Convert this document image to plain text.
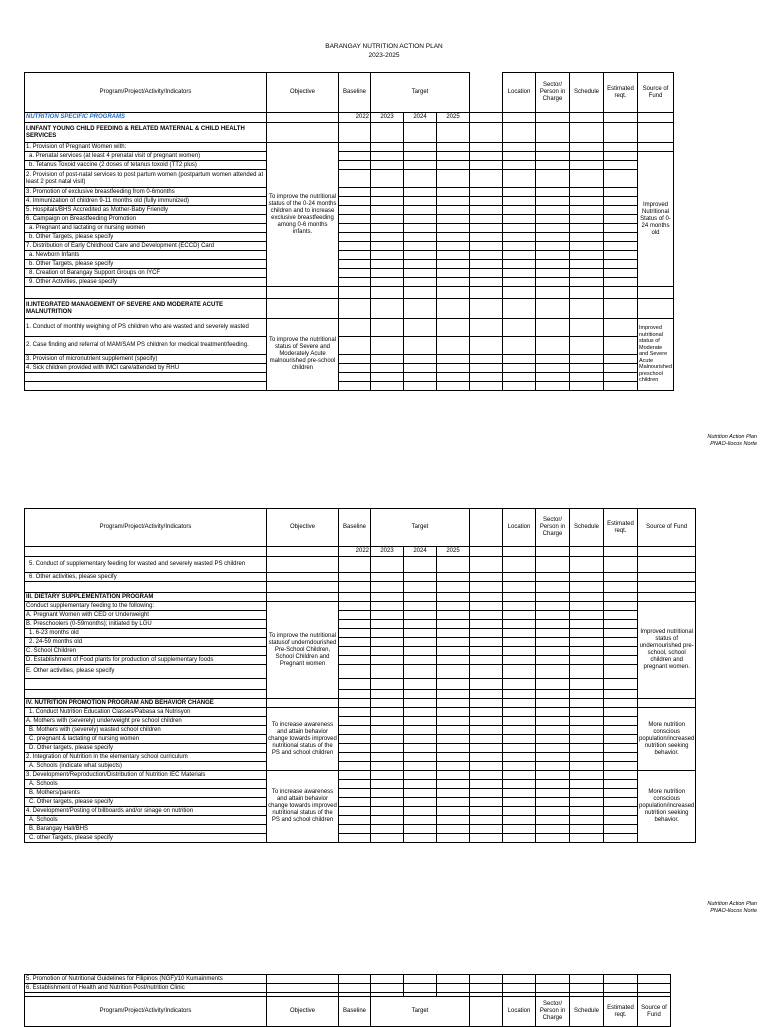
BARANGAY NUTRITION ACTION PLAN
2023-2025
Program/Project/Activity/Indicators	Objective	Baseline	Target				Location	Sector/ Person in Charge	Schedule	Estimated reqt.	Source of Fund
NUTRITION SPECIFIC PROGRAMS		2022	2023	2024	2025						
I.INFANT YOUNG CHILD FEEDING & RELATED MATERNAL & CHILD HEALTH SERVICES											
1. Provision of Pregnant Women with:	To improve the nutritional status of the 0-24 months children and to increase exclusive breastfeeding among 0-6 months infants.										
a. Prenatal services (at least 4 prenatal visit of pregnant women)											Improved Nutritional Status of 0-24 months old
b. Tetanus Toxoid vaccine (2 doses of tetanus toxoid (TT2 plus)											
2. Provision of post-natal services to post partum women (postpartum women attended at least 2 post natal visit)											
3. Promotion of exclusive breastfeeding from 0-6months											
4. Immunization of children 9-11 months old (fully immunized)											
5. Hospitals/BHS Accredited as Mother-Baby Friendly											
6. Campaign on Breastfeeding Promotion											
a. Pregnant and lactating or nursing women											
b. Other Targets, please specify											
7. Distribution of Early Childhood Care and Development (ECCD) Card											
a. Newborn Infants											
b. Other Targets, please specify											
8. Creation of Barangay Support Groups on IYCF											
9. Other Activities, please specify											

II.INTEGRATED MANAGEMENT OF SEVERE AND MODERATE ACUTE MALNUTRITION											
1. Conduct of monthly weighing of PS children who are wasted and severely wasted	To improve the nutritional status of Severe and Moderately Acute malnourished pre-school children										Improved nutritional status of Moderate and Severe Acute Malnourished preschool children
2. Case finding and referral of MAM/SAM PS children for medical treatment/feeding.											
3. Provision of micronutrient supplement (specify)											
4. Sick children provided with IMCI care/attended by RHU											

Nutrition Action Plan
PNAO-Ilocos Norte
Program/Project/Activity/Indicators	Objective	Baseline	Target				Location	Sector/ Person in Charge	Schedule	Estimated reqt.	Source of Fund
		2022	2023	2024	2025						
5. Conduct of supplementary feeding for wasted and severely wasted PS children											
6. Other activities, please specify											

III. DIETARY SUPPLEMENTATION PROGRAM											
Conduct supplementary feeding to the following:	To improve the nutritional statusof underndourished Pre-School Children, School Children and Pregnant women										Improved nutritional status of undernourished pre-school, school children and pregnant women.
A. Pregnant Women with CED or Underweight											
B. Preschoolers (0-59months); initiated by LGU											
1. 6-23 months old											
2. 24-59 months old											
C. School Children											
D. Establishment of Food plants for production of supplementary foods											
E. Other activities, please specify											

IV. NUTRITION PROMOTION PROGRAM AND BEHAVIOR CHANGE											
1. Conduct Nutrition Education Classes/Pabasa sa Nutrisyon	To increase awareness and attain behavior change towards improved nutritional status of the PS and school children										More nutrition conscious population/increased nutrition seeking behavior.
A. Mothers with (severely) underweight pre school children											
B. Mothers with (severely) wasted school children											
C. pregnant & lactating of nursing women											
D. Other targets, please specify											
2. Integration of Nutrition in the elementary school curriculum											
A. Schools (indicate what subjects)											
3. Development/Reproduction/Distribution of Nutrition IEC Materials	To increase awareness and attain behavior change towards improved nutritional status of the PS and school children										More nutrition conscious population/increased nutrition seeking behavior.
A. Schools											
B. Mothers/parents											
C. Other targets, please specify											
4. Development/Posting of billboards and/or sinage on nutrition											
A. Schools											
B. Barangay Hall/BHS											
C. other Targets, please specify											
Nutrition Action Plan
PNAO-Ilocos Norte
5. Promotion of Nutritional Guidelines for Filipinos (NGF)/10 Kumainments											
6. Establishment of Health and Nutrition Post/nutrition Clinic											

Program/Project/Activity/Indicators	Objective	Baseline	Target				Location	Sector/ Person in Charge	Schedule	Estimated reqt.	Source of Fund
